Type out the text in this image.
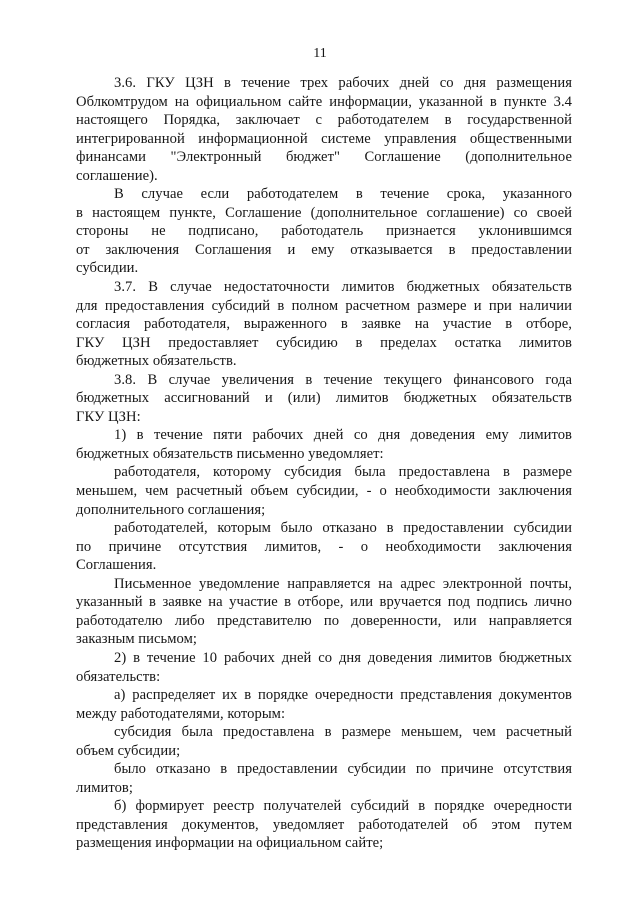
11
3.6. ГКУ ЦЗН в течение трех рабочих дней со дня размещения
Облкомтрудом на официальном сайте информации, указанной в пункте 3.4
настоящего Порядка, заключает с работодателем в государственной
интегрированной информационной системе управления общественными
финансами "Электронный бюджет" Соглашение (дополнительное
соглашение).
В случае если работодателем в течение срока, указанного
в настоящем пункте, Соглашение (дополнительное соглашение) со своей
стороны не подписано, работодатель признается уклонившимся
от заключения Соглашения и ему отказывается в предоставлении
субсидии.
3.7. В случае недостаточности лимитов бюджетных обязательств
для предоставления субсидий в полном расчетном размере и при наличии
согласия работодателя, выраженного в заявке на участие в отборе,
ГКУ ЦЗН предоставляет субсидию в пределах остатка лимитов
бюджетных обязательств.
3.8. В случае увеличения в течение текущего финансового года
бюджетных ассигнований и (или) лимитов бюджетных обязательств
ГКУ ЦЗН:
1) в течение пяти рабочих дней со дня доведения ему лимитов
бюджетных обязательств письменно уведомляет:
работодателя, которому субсидия была предоставлена в размере
меньшем, чем расчетный объем субсидии, - о необходимости заключения
дополнительного соглашения;
работодателей, которым было отказано в предоставлении субсидии
по причине отсутствия лимитов, - о необходимости заключения
Соглашения.
Письменное уведомление направляется на адрес электронной почты,
указанный в заявке на участие в отборе, или вручается под подпись лично
работодателю либо представителю по доверенности, или направляется
заказным письмом;
2) в течение 10 рабочих дней со дня доведения лимитов бюджетных
обязательств:
а) распределяет их в порядке очередности представления документов
между работодателями, которым:
субсидия была предоставлена в размере меньшем, чем расчетный
объем субсидии;
было отказано в предоставлении субсидии по причине отсутствия
лимитов;
б) формирует реестр получателей субсидий в порядке очередности
представления документов, уведомляет работодателей об этом путем
размещения информации на официальном сайте;
